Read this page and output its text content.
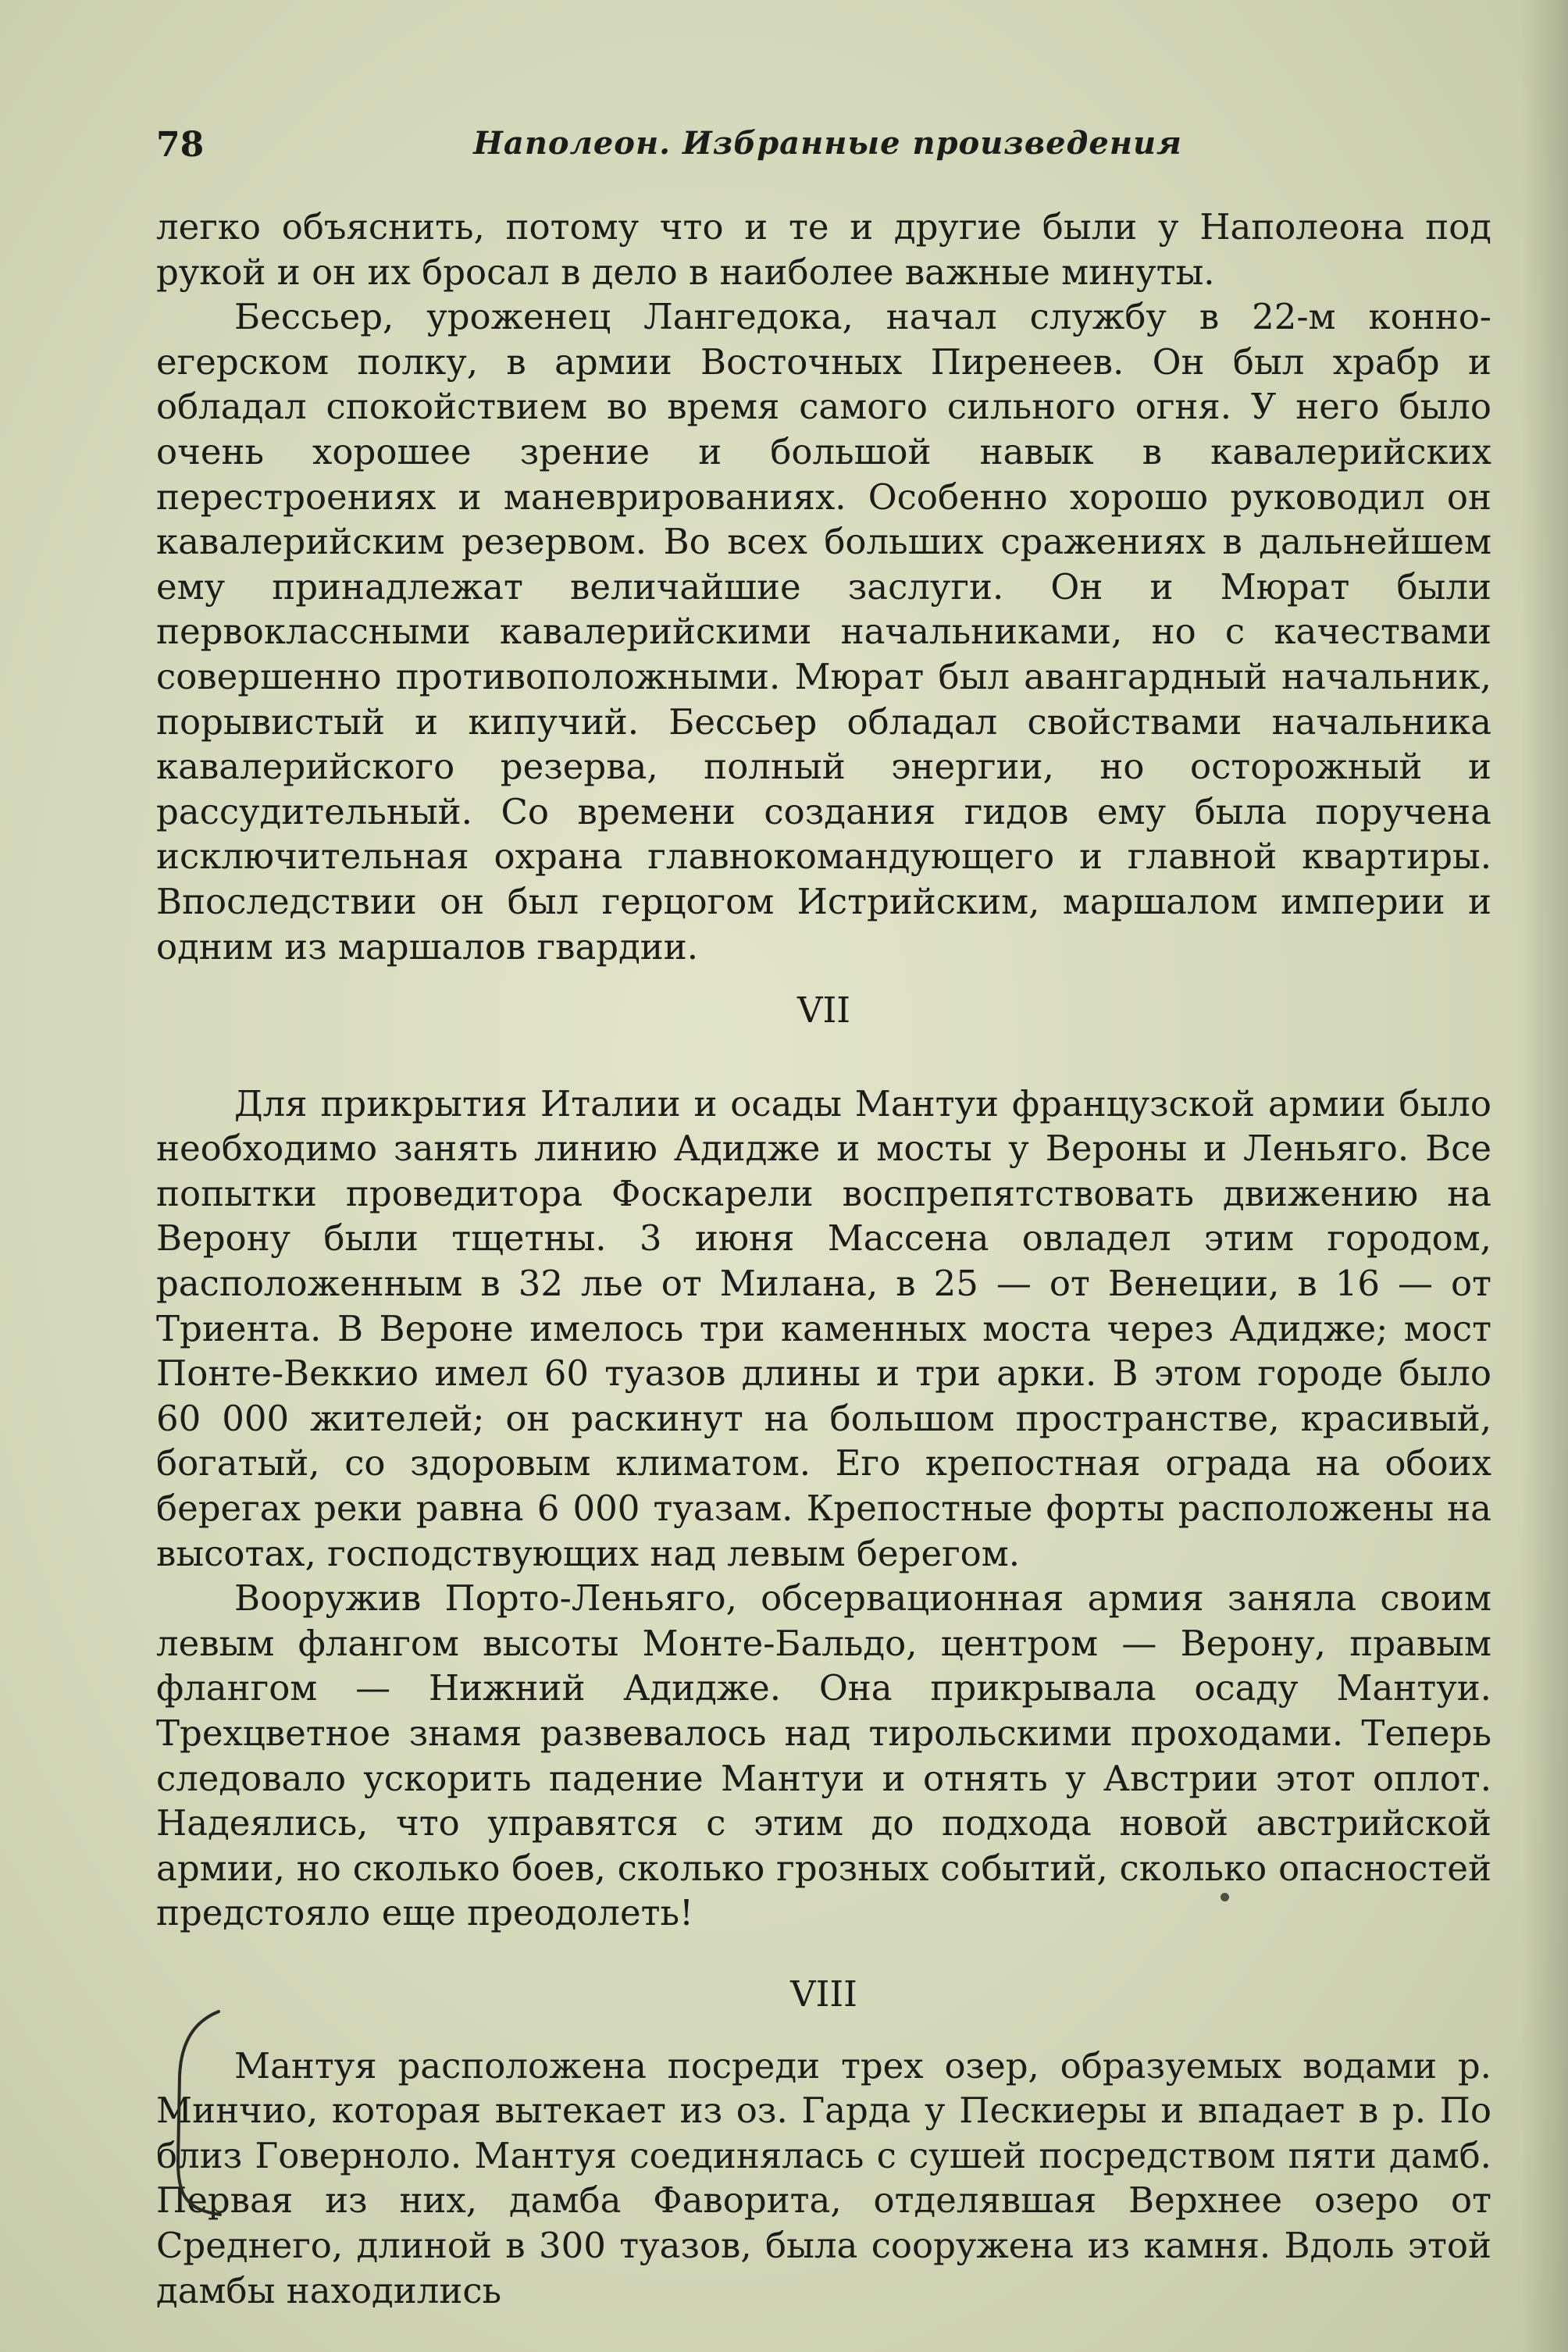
78	Наполеон. Избранные произведения

легко объяснить, потому что и те и другие были у Наполеона под рукой и он их бросал в дело в наиболее важные минуты.

Бессьер, уроженец Лангедока, начал службу в 22-м конно-егерском полку, в армии Восточных Пиренеев. Он был храбр и обладал спокойствием во время самого сильного огня. У него было очень хорошее зрение и большой навык в кавалерийских перестроениях и маневрированиях. Особенно хорошо руководил он кавалерийским резервом. Во всех больших сражениях в дальнейшем ему принадлежат величайшие заслуги. Он и Мюрат были первоклассными кавалерийскими начальниками, но с качествами совершенно противоположными. Мюрат был авангардный начальник, порывистый и кипучий. Бессьер обладал свойствами начальника кавалерийского резерва, полный энергии, но осторожный и рассудительный. Со времени создания гидов ему была поручена исключительная охрана главнокомандующего и главной квартиры. Впоследствии он был герцогом Истрийским, маршалом империи и одним из маршалов гвардии.

VII

Для прикрытия Италии и осады Мантуи французской армии было необходимо занять линию Адидже и мосты у Вероны и Леньяго. Все попытки проведитора Фоскарели воспрепятствовать движению на Верону были тщетны. 3 июня Массена овладел этим городом, расположенным в 32 лье от Милана, в 25 — от Венеции, в 16 — от Триента. В Вероне имелось три каменных моста через Адидже; мост Понте-Веккио имел 60 туазов длины и три арки. В этом городе было 60 000 жителей; он раскинут на большом пространстве, красивый, богатый, со здоровым климатом. Его крепостная ограда на обоих берегах реки равна 6 000 туазам. Крепостные форты расположены на высотах, господствующих над левым берегом.

Вооружив Порто-Леньяго, обсервационная армия заняла своим левым флангом высоты Монте-Бальдо, центром — Верону, правым флангом — Нижний Адидже. Она прикрывала осаду Мантуи. Трехцветное знамя развевалось над тирольскими проходами. Теперь следовало ускорить падение Мантуи и отнять у Австрии этот оплот. Надеялись, что управятся с этим до подхода новой австрийской армии, но сколько боев, сколько грозных событий, сколько опасностей предстояло еще преодолеть!

VIII

Мантуя расположена посреди трех озер, образуемых водами р. Минчио, которая вытекает из оз. Гарда у Пескиеры и впадает в р. По близ Говерноло. Мантуя соединялась с сушей посредством пяти дамб. Первая из них, дамба Фаворита, отделявшая Верхнее озеро от Среднего, длиной в 300 туазов, была сооружена из камня. Вдоль этой дамбы находились
